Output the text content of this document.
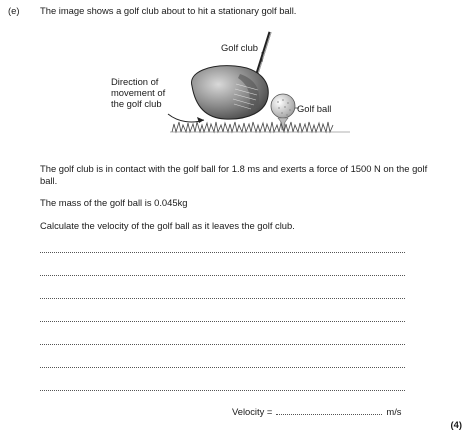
(e) The image shows a golf club about to hit a stationary golf ball.
Golf club
Golf ball
Direction of
movement of
the golf club
The golf club is in contact with the golf ball for 1.8 ms and exerts a force of 1500 N on the golf ball.
The mass of the golf ball is 0.045kg
Calculate the velocity of the golf ball as it leaves the golf club.
Velocity =	m/s
(4)
